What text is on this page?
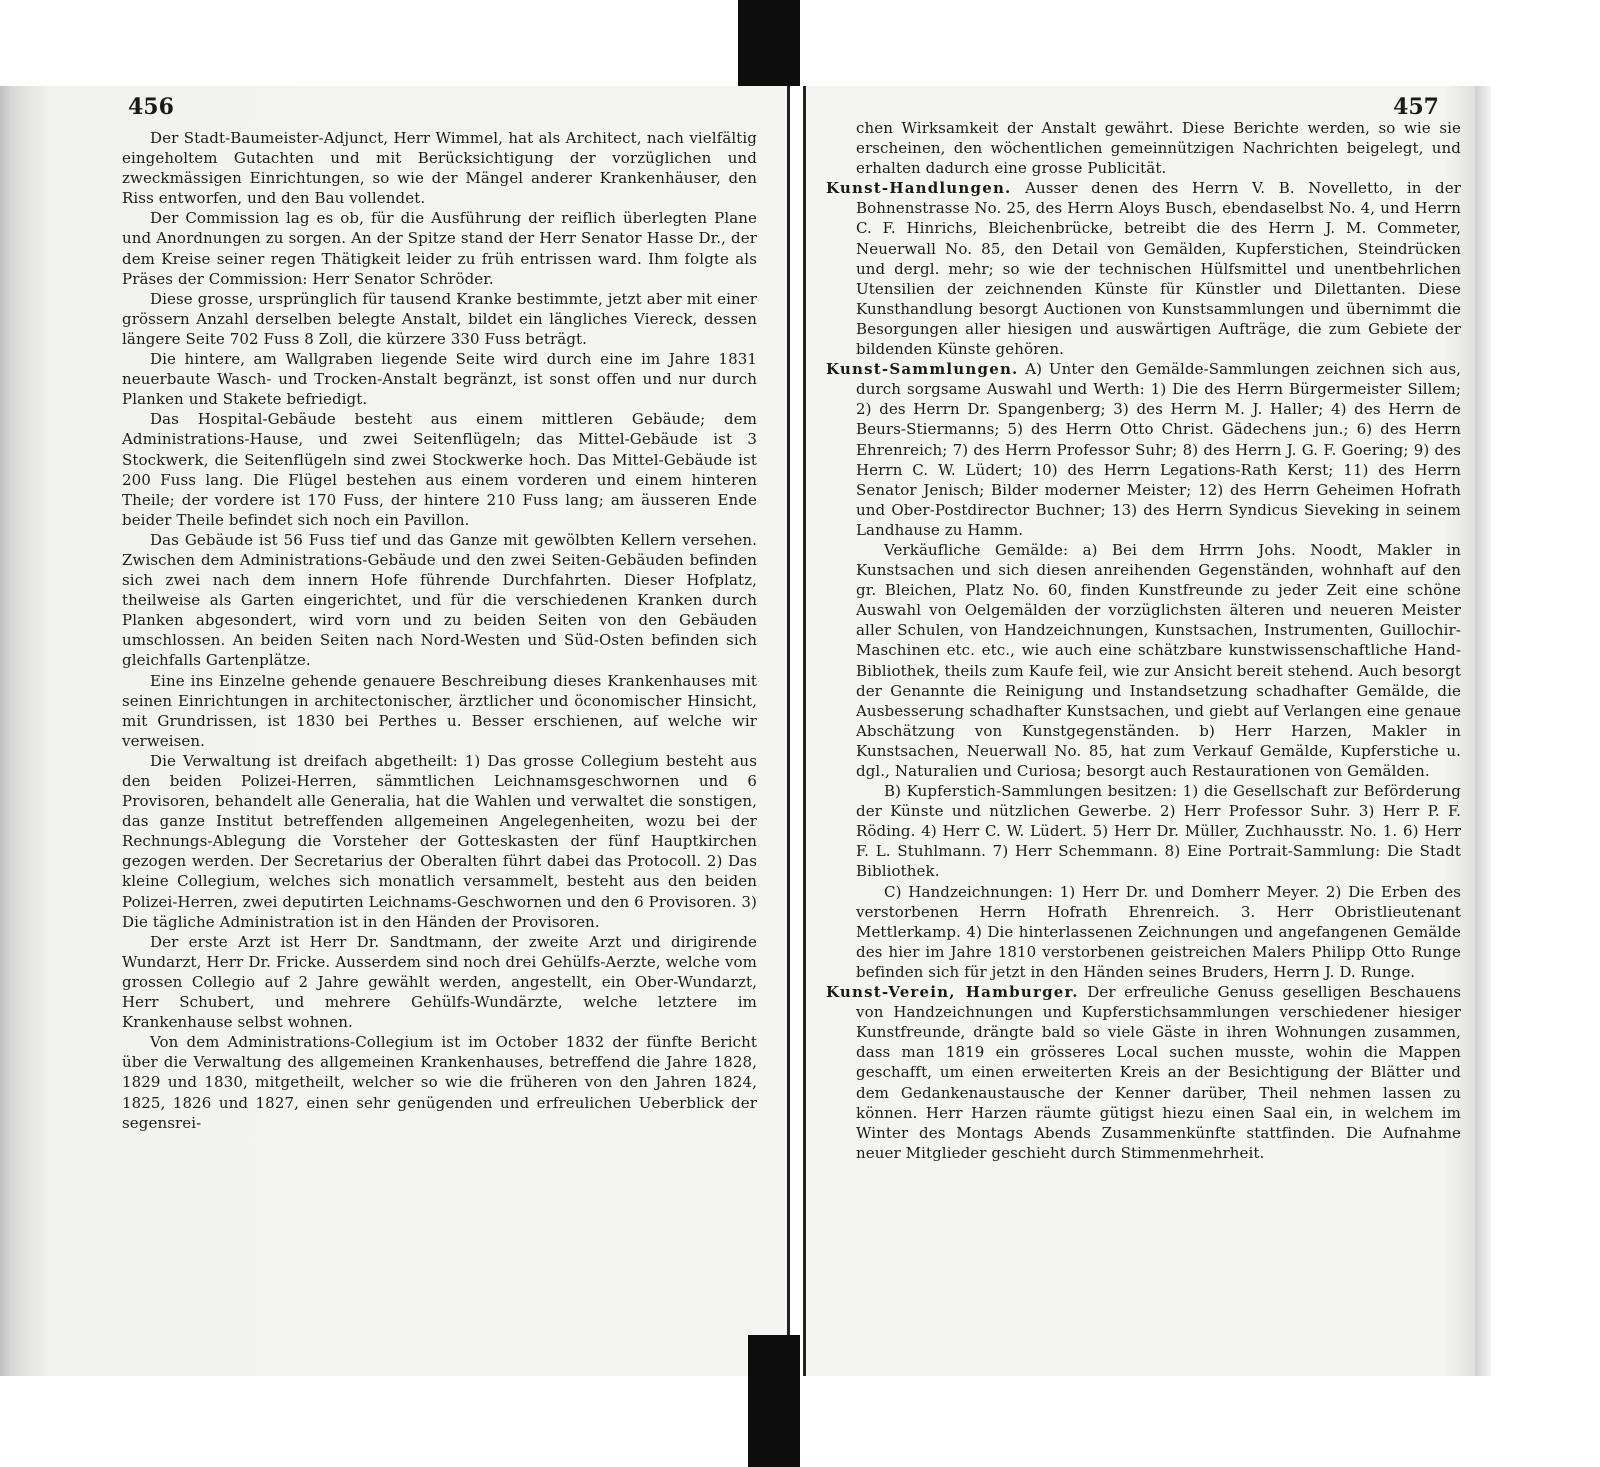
456

Der Stadt-Baumeister-Adjunct, Herr Wimmel, hat als Architect, nach vielfältig eingeholtem Gutachten und mit Berücksichtigung der vorzüglichen und zweckmässigen Einrichtungen, so wie der Mängel anderer Krankenhäuser, den Riss entworfen, und den Bau vollendet.

Der Commission lag es ob, für die Ausführung der reiflich überlegten Plane und Anordnungen zu sorgen. An der Spitze stand der Herr Senator Hasse Dr., der dem Kreise seiner regen Thätigkeit leider zu früh entrissen ward. Ihm folgte als Präses der Commission: Herr Senator Schröder.

Diese grosse, ursprünglich für tausend Kranke bestimmte, jetzt aber mit einer grössern Anzahl derselben belegte Anstalt, bildet ein längliches Viereck, dessen längere Seite 702 Fuss 8 Zoll, die kürzere 330 Fuss beträgt.

Die hintere, am Wallgraben liegende Seite wird durch eine im Jahre 1831 neuerbaute Wasch- und Trocken-Anstalt begränzt, ist sonst offen und nur durch Planken und Stakete befriedigt.

Das Hospital-Gebäude besteht aus einem mittleren Gebäude; dem Administrations-Hause, und zwei Seitenflügeln; das Mittel-Gebäude ist 3 Stockwerk, die Seitenflügeln sind zwei Stockwerke hoch. Das Mittel-Gebäude ist 200 Fuss lang. Die Flügel bestehen aus einem vorderen und einem hinteren Theile; der vordere ist 170 Fuss, der hintere 210 Fuss lang; am äusseren Ende beider Theile befindet sich noch ein Pavillon.

Das Gebäude ist 56 Fuss tief und das Ganze mit gewölbten Kellern versehen. Zwischen dem Administrations-Gebäude und den zwei Seiten-Gebäuden befinden sich zwei nach dem innern Hofe führende Durchfahrten. Dieser Hofplatz, theilweise als Garten eingerichtet, und für die verschiedenen Kranken durch Planken abgesondert, wird vorn und zu beiden Seiten von den Gebäuden umschlossen. An beiden Seiten nach Nord-Westen und Süd-Osten befinden sich gleichfalls Gartenplätze.

Eine ins Einzelne gehende genauere Beschreibung dieses Krankenhauses mit seinen Einrichtungen in architectonischer, ärztlicher und öconomischer Hinsicht, mit Grundrissen, ist 1830 bei Perthes u. Besser erschienen, auf welche wir verweisen.

Die Verwaltung ist dreifach abgetheilt: 1) Das grosse Collegium besteht aus den beiden Polizei-Herren, sämmtlichen Leichnamsgeschwornen und 6 Provisoren, behandelt alle Generalia, hat die Wahlen und verwaltet die sonstigen, das ganze Institut betreffenden allgemeinen Angelegenheiten, wozu bei der Rechnungs-Ablegung die Vorsteher der Gotteskasten der fünf Hauptkirchen gezogen werden. Der Secretarius der Oberalten führt dabei das Protocoll. 2) Das kleine Collegium, welches sich monatlich versammelt, besteht aus den beiden Polizei-Herren, zwei deputirten Leichnams-Geschwornen und den 6 Provisoren. 3) Die tägliche Administration ist in den Händen der Provisoren.

Der erste Arzt ist Herr Dr. Sandtmann, der zweite Arzt und dirigirende Wundarzt, Herr Dr. Fricke. Ausserdem sind noch drei Gehülfs-Aerzte, welche vom grossen Collegio auf 2 Jahre gewählt werden, angestellt, ein Ober-Wundarzt, Herr Schubert, und mehrere Gehülfs-Wundärzte, welche letztere im Krankenhause selbst wohnen.

Von dem Administrations-Collegium ist im October 1832 der fünfte Bericht über die Verwaltung des allgemeinen Krankenhauses, betreffend die Jahre 1828, 1829 und 1830, mitgetheilt, welcher so wie die früheren von den Jahren 1824, 1825, 1826 und 1827, einen sehr genügenden und erfreulichen Ueberblick der segensrei-

457

chen Wirksamkeit der Anstalt gewährt. Diese Berichte werden, so wie sie erscheinen, den wöchentlichen gemeinnützigen Nachrichten beigelegt, und erhalten dadurch eine grosse Publicität.

Kunst-Handlungen. Ausser denen des Herrn V. B. Novelletto, in der Bohnenstrasse No. 25, des Herrn Aloys Busch, ebendaselbst No. 4, und Herrn C. F. Hinrichs, Bleichenbrücke, betreibt die des Herrn J. M. Commeter, Neuerwall No. 85, den Detail von Gemälden, Kupferstichen, Steindrücken und dergl. mehr; so wie der technischen Hülfsmittel und unentbehrlichen Utensilien der zeichnenden Künste für Künstler und Dilettanten. Diese Kunsthandlung besorgt Auctionen von Kunstsammlungen und übernimmt die Besorgungen aller hiesigen und auswärtigen Aufträge, die zum Gebiete der bildenden Künste gehören.

Kunst-Sammlungen. A) Unter den Gemälde-Sammlungen zeichnen sich aus, durch sorgsame Auswahl und Werth: 1) Die des Herrn Bürgermeister Sillem; 2) des Herrn Dr. Spangenberg; 3) des Herrn M. J. Haller; 4) des Herrn de Beurs-Stiermanns; 5) des Herrn Otto Christ. Gädechens jun.; 6) des Herrn Ehrenreich; 7) des Herrn Professor Suhr; 8) des Herrn J. G. F. Goering; 9) des Herrn C. W. Lüdert; 10) des Herrn Legations-Rath Kerst; 11) des Herrn Senator Jenisch; Bilder moderner Meister; 12) des Herrn Geheimen Hofrath und Ober-Postdirector Buchner; 13) des Herrn Syndicus Sieveking in seinem Landhause zu Hamm.

Verkäufliche Gemälde: a) Bei dem Hrrrn Johs. Noodt, Makler in Kunstsachen und sich diesen anreihenden Gegenständen, wohnhaft auf den gr. Bleichen, Platz No. 60, finden Kunstfreunde zu jeder Zeit eine schöne Auswahl von Oelgemälden der vorzüglichsten älteren und neueren Meister aller Schulen, von Handzeichnungen, Kunstsachen, Instrumenten, Guillochir-Maschinen etc. etc., wie auch eine schätzbare kunstwissenschaftliche Hand-Bibliothek, theils zum Kaufe feil, wie zur Ansicht bereit stehend. Auch besorgt der Genannte die Reinigung und Instandsetzung schadhafter Gemälde, die Ausbesserung schadhafter Kunstsachen, und giebt auf Verlangen eine genaue Abschätzung von Kunstgegenständen. b) Herr Harzen, Makler in Kunstsachen, Neuerwall No. 85, hat zum Verkauf Gemälde, Kupferstiche u. dgl., Naturalien und Curiosa; besorgt auch Restaurationen von Gemälden.

B) Kupferstich-Sammlungen besitzen: 1) die Gesellschaft zur Beförderung der Künste und nützlichen Gewerbe. 2) Herr Professor Suhr. 3) Herr P. F. Röding. 4) Herr C. W. Lüdert. 5) Herr Dr. Müller, Zuchhausstr. No. 1. 6) Herr F. L. Stuhlmann. 7) Herr Schemmann. 8) Eine Portrait-Sammlung: Die Stadt Bibliothek.

C) Handzeichnungen: 1) Herr Dr. und Domherr Meyer. 2) Die Erben des verstorbenen Herrn Hofrath Ehrenreich. 3. Herr Obristlieutenant Mettlerkamp. 4) Die hinterlassenen Zeichnungen und angefangenen Gemälde des hier im Jahre 1810 verstorbenen geistreichen Malers Philipp Otto Runge befinden sich für jetzt in den Händen seines Bruders, Herrn J. D. Runge.

Kunst-Verein, Hamburger. Der erfreuliche Genuss geselligen Beschauens von Handzeichnungen und Kupferstichsammlungen verschiedener hiesiger Kunstfreunde, drängte bald so viele Gäste in ihren Wohnungen zusammen, dass man 1819 ein grösseres Local suchen musste, wohin die Mappen geschafft, um einen erweiterten Kreis an der Besichtigung der Blätter und dem Gedankenaustausche der Kenner darüber, Theil nehmen lassen zu können. Herr Harzen räumte gütigst hiezu einen Saal ein, in welchem im Winter des Montags Abends Zusammenkünfte stattfinden. Die Aufnahme neuer Mitglieder geschieht durch Stimmenmehrheit.
